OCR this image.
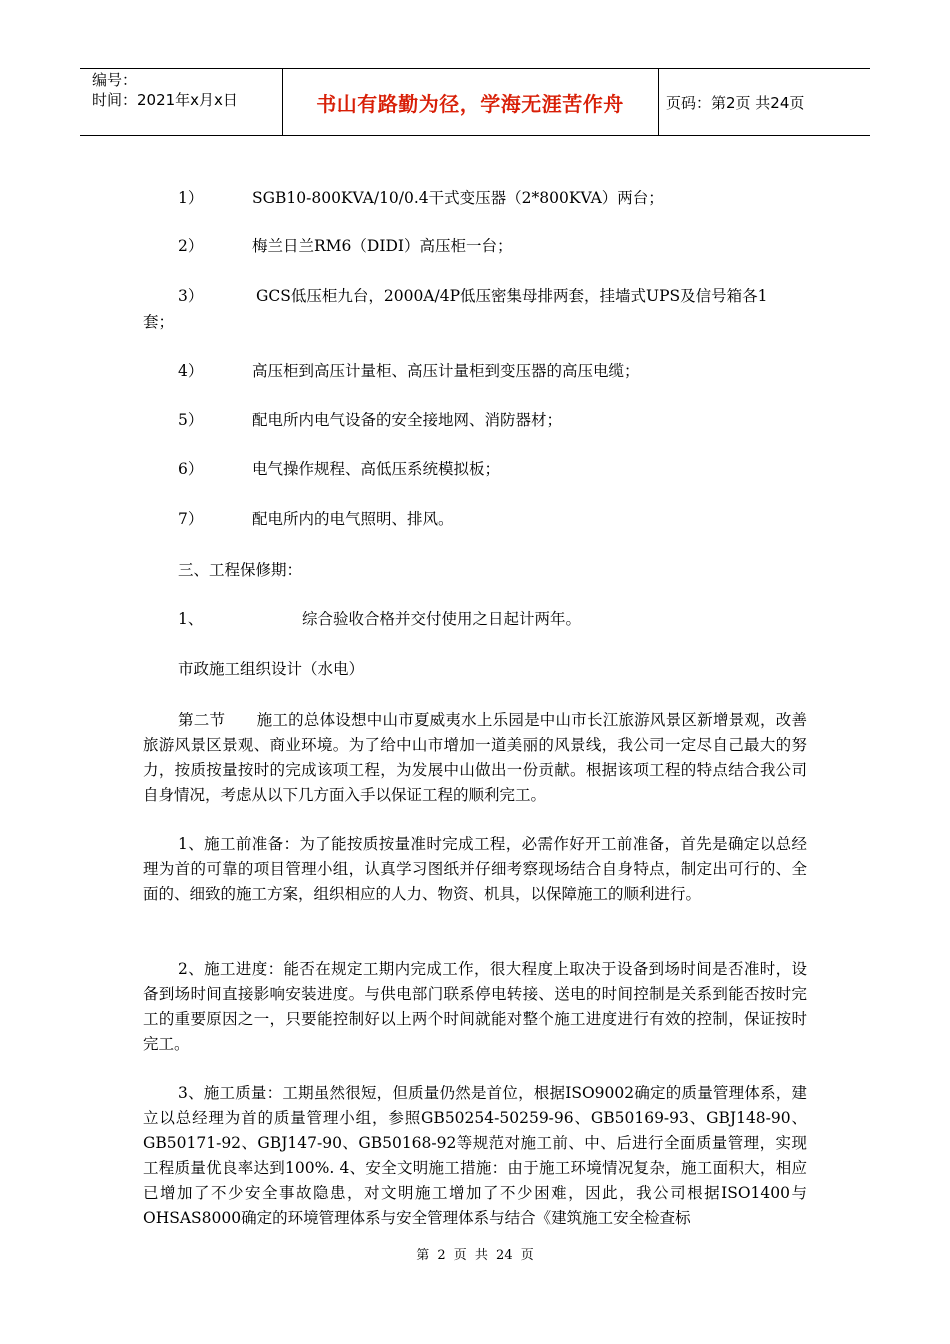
编号：
时间：2021年x月x日	书山有路勤为径，学海无涯苦作舟	页码：第2页 共24页
1）	SGB10-800KVA/10/0.4干式变压器（2*800KVA）两台；
2）	梅兰日兰RM6（DIDI）高压柜一台；
3）	GCS低压柜九台，2000A/4P低压密集母排两套，挂墙式UPS及信号箱各1
套；
4）	高压柜到高压计量柜、高压计量柜到变压器的高压电缆；
5）	配电所内电气设备的安全接地网、消防器材；
6）	电气操作规程、高低压系统模拟板；
7）	配电所内的电气照明、排风。
三、工程保修期：
1、	综合验收合格并交付使用之日起计两年。
市政施工组织设计（水电）
第二节　　施工的总体设想中山市夏威夷水上乐园是中山市长江旅游风景区新增景观，改善旅游风景区景观、商业环境。为了给中山市增加一道美丽的风景线，我公司一定尽自己最大的努力，按质按量按时的完成该项工程，为发展中山做出一份贡献。根据该项工程的特点结合我公司自身情况，考虑从以下几方面入手以保证工程的顺利完工。
1、施工前准备：为了能按质按量准时完成工程，必需作好开工前准备，首先是确定以总经理为首的可靠的项目管理小组，认真学习图纸并仔细考察现场结合自身特点，制定出可行的、全面的、细致的施工方案，组织相应的人力、物资、机具，以保障施工的顺利进行。
2、施工进度：能否在规定工期内完成工作，很大程度上取决于设备到场时间是否准时，设备到场时间直接影响安装进度。与供电部门联系停电转接、送电的时间控制是关系到能否按时完工的重要原因之一，只要能控制好以上两个时间就能对整个施工进度进行有效的控制，保证按时完工。
3、施工质量：工期虽然很短，但质量仍然是首位，根据ISO9002确定的质量管理体系，建立以总经理为首的质量管理小组，参照GB50254-50259-96、GB50169-93、GBJ148-90、GB50171-92、GBJ147-90、GB50168-92等规范对施工前、中、后进行全面质量管理，实现工程质量优良率达到100%. 4、安全文明施工措施：由于施工环境情况复杂，施工面积大，相应已增加了不少安全事故隐患，对文明施工增加了不少困难，因此，我公司根据ISO1400与OHSAS8000确定的环境管理体系与安全管理体系与结合《建筑施工安全检查标
第 2 页 共 24 页
